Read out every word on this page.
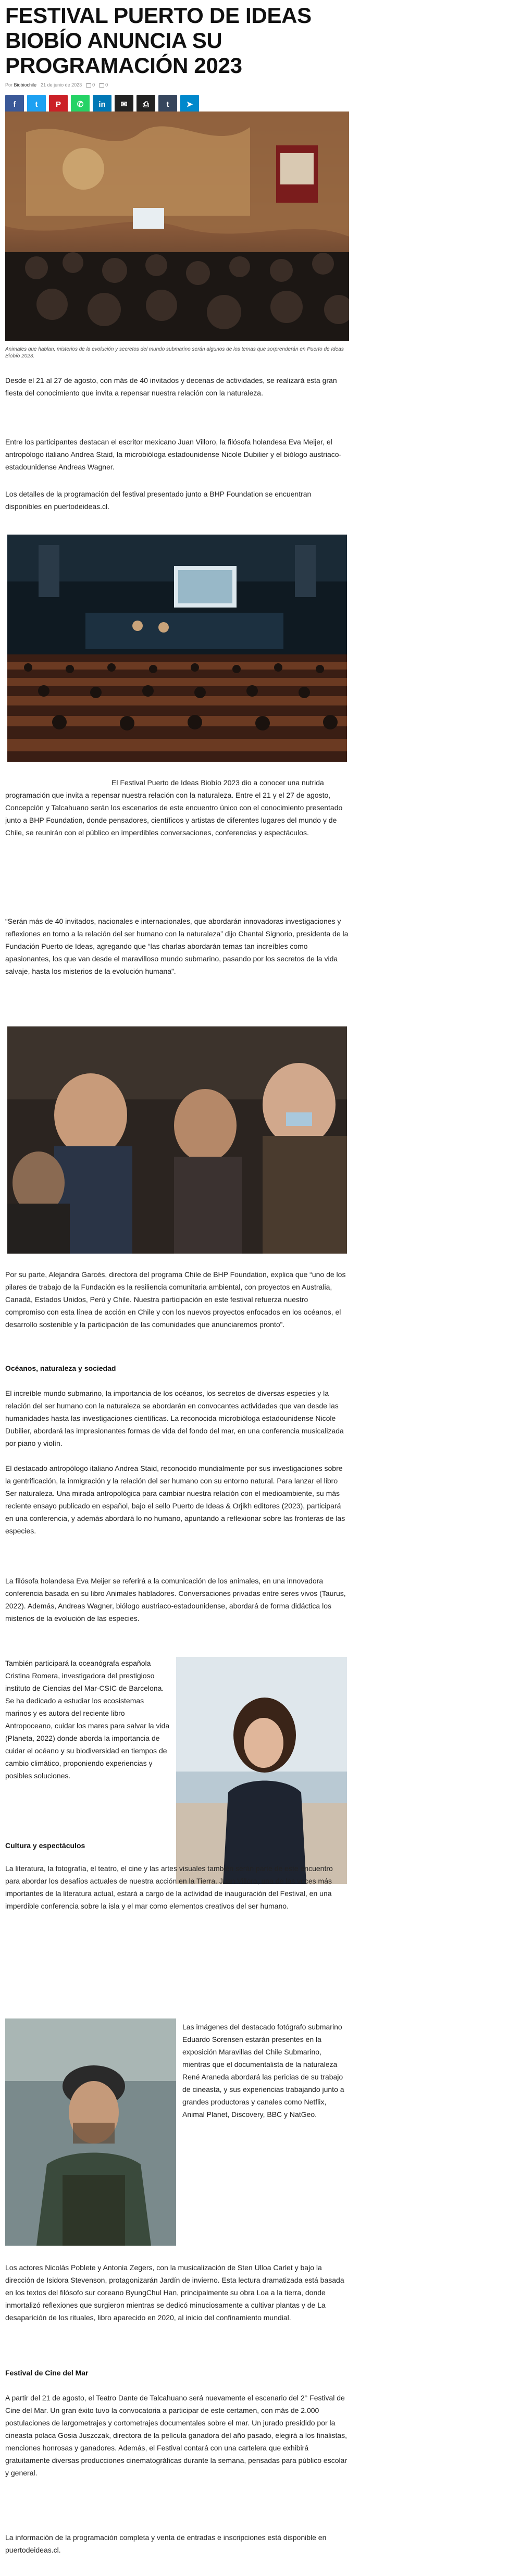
FESTIVAL PUERTO DE IDEAS BIOBÍO ANUNCIA SU PROGRAMACIÓN 2023
Por Biobiochile 21 de junio de 2023	0	0
f t P ✆ in ✉ ⎙ t ➤

Animales que hablan, misterios de la evolución y secretos del mundo submarino serán algunos de los temas que sorprenderán en Puerto de Ideas Biobío 2023.

Desde el 21 al 27 de agosto, con más de 40 invitados y decenas de actividades, se realizará esta gran fiesta del conocimiento que invita a repensar nuestra relación con la naturaleza.

Entre los participantes destacan el escritor mexicano Juan Villoro, la filósofa holandesa Eva Meijer, el antropólogo italiano Andrea Staid, la microbióloga estadounidense Nicole Dubilier y el biólogo austriaco-estadounidense Andreas Wagner.

Los detalles de la programación del festival presentado junto a BHP Foundation se encuentran disponibles en puertodeideas.cl.

El Festival Puerto de Ideas Biobío 2023 dio a conocer una nutrida programación que invita a repensar nuestra relación con la naturaleza. Entre el 21 y el 27 de agosto, Concepción y Talcahuano serán los escenarios de este encuentro único con el conocimiento presentado junto a BHP Foundation, donde pensadores, científicos y artistas de diferentes lugares del mundo y de Chile, se reunirán con el público en imperdibles conversaciones, conferencias y espectáculos.

“Serán más de 40 invitados, nacionales e internacionales, que abordarán innovadoras investigaciones y reflexiones en torno a la relación del ser humano con la naturaleza” dijo Chantal Signorio, presidenta de la Fundación Puerto de Ideas, agregando que “las charlas abordarán temas tan increíbles como apasionantes, los que van desde el maravilloso mundo submarino, pasando por los secretos de la vida salvaje, hasta los misterios de la evolución humana”.

Por su parte, Alejandra Garcés, directora del programa Chile de BHP Foundation, explica que “uno de los pilares de trabajo de la Fundación es la resiliencia comunitaria ambiental, con proyectos en Australia, Canadá, Estados Unidos, Perú y Chile. Nuestra participación en este festival refuerza nuestro compromiso con esta línea de acción en Chile y con los nuevos proyectos enfocados en los océanos, el desarrollo sostenible y la participación de las comunidades que anunciaremos pronto”.

Océanos, naturaleza y sociedad

El increíble mundo submarino, la importancia de los océanos, los secretos de diversas especies y la relación del ser humano con la naturaleza se abordarán en convocantes actividades que van desde las humanidades hasta las investigaciones científicas. La reconocida microbióloga estadounidense Nicole Dubilier, abordará las impresionantes formas de vida del fondo del mar, en una conferencia musicalizada por piano y violín.

El destacado antropólogo italiano Andrea Staid, reconocido mundialmente por sus investigaciones sobre la gentrificación, la inmigración y la relación del ser humano con su entorno natural. Para lanzar el libro Ser naturaleza. Una mirada antropológica para cambiar nuestra relación con el medioambiente, su más reciente ensayo publicado en español, bajo el sello Puerto de Ideas & Orjikh editores (2023), participará en una conferencia, y además abordará lo no humano, apuntando a reflexionar sobre las fronteras de las especies.

La filósofa holandesa Eva Meijer se referirá a la comunicación de los animales, en una innovadora conferencia basada en su libro Animales habladores. Conversaciones privadas entre seres vivos (Taurus, 2022). Además, Andreas Wagner, biólogo austriaco-estadounidense, abordará de forma didáctica los misterios de la evolución de las especies.

También participará la oceanógrafa española Cristina Romera, investigadora del prestigioso instituto de Ciencias del Mar-CSIC de Barcelona. Se ha dedicado a estudiar los ecosistemas marinos y es autora del reciente libro Antropoceano, cuidar los mares para salvar la vida (Planeta, 2022) donde aborda la importancia de cuidar el océano y su biodiversidad en tiempos de cambio climático, proponiendo experiencias y posibles soluciones.

Cultura y espectáculos

La literatura, la fotografía, el teatro, el cine y las artes visuales también serán parte de este encuentro para abordar los desafíos actuales de nuestra acción en la Tierra. Juan Villoro, una de las voces más importantes de la literatura actual, estará a cargo de la actividad de inauguración del Festival, en una imperdible conferencia sobre la isla y el mar como elementos creativos del ser humano.

Las imágenes del destacado fotógrafo submarino Eduardo Sorensen estarán presentes en la exposición Maravillas del Chile Submarino, mientras que el documentalista de la naturaleza René Araneda abordará las pericias de su trabajo de cineasta, y sus experiencias trabajando junto a grandes productoras y canales como Netflix, Animal Planet, Discovery, BBC y NatGeo.

Los actores Nicolás Poblete y Antonia Zegers, con la musicalización de Sten Ulloa Carlet y bajo la dirección de Isidora Stevenson, protagonizarán Jardín de invierno. Esta lectura dramatizada está basada en los textos del filósofo sur coreano ByungChul Han, principalmente su obra Loa a la tierra, donde inmortalizó reflexiones que surgieron mientras se dedicó minuciosamente a cultivar plantas y de La desaparición de los rituales, libro aparecido en 2020, al inicio del confinamiento mundial.

Festival de Cine del Mar

A partir del 21 de agosto, el Teatro Dante de Talcahuano será nuevamente el escenario del 2° Festival de Cine del Mar. Un gran éxito tuvo la convocatoria a participar de este certamen, con más de 2.000 postulaciones de largometrajes y cortometrajes documentales sobre el mar. Un jurado presidido por la cineasta polaca Gosia Juszczak, directora de la película ganadora del año pasado, elegirá a los finalistas, menciones honrosas y ganadores. Además, el Festival contará con una cartelera que exhibirá gratuitamente diversas producciones cinematográficas durante la semana, pensadas para público escolar y general.

La información de la programación completa y venta de entradas e inscripciones está disponible en puertodeideas.cl.
